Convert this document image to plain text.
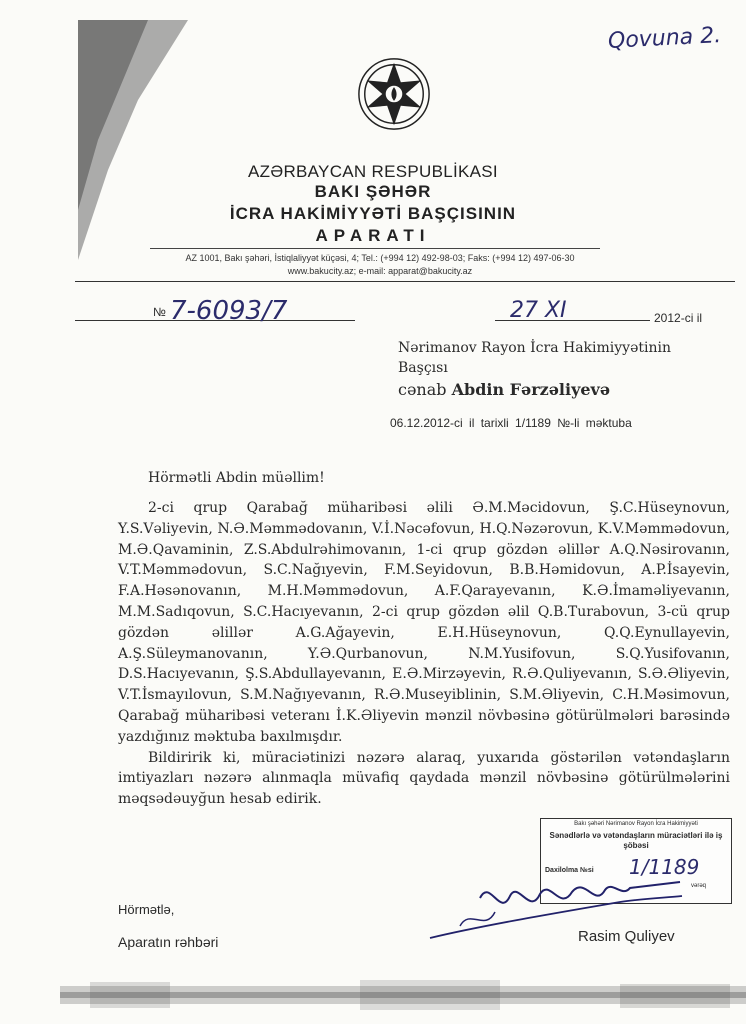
Qovuna 2.
AZƏRBAYCAN RESPUBLİKASI
BAKI ŞƏHƏR
İCRA HAKİMİYYƏTİ BAŞÇISININ
APARATI
AZ 1001, Bakı şəhəri, İstiqlaliyyət küçəsi, 4; Tel.: (+994 12) 492-98-03; Faks: (+994 12) 497-06-30
www.bakucity.az; e-mail: apparat@bakucity.az
№ 7-6093/7	27 XI	2012-ci il
Nərimanov Rayon İcra Hakimiyyətinin
Başçısı
cənab Abdin Fərzəliyevə
06.12.2012-ci il tarixli 1/1189 №-li məktuba
Hörmətli Abdin müəllim!

2-ci qrup Qarabağ müharibəsi əlili Ə.M.Məcidovun, Ş.C.Hüseynovun, Y.S.Vəliyevin, N.Ə.Məmmədovanın, V.İ.Nəcəfovun, H.Q.Nəzərovun, K.V.Məmmədovun, M.Ə.Qavaminin, Z.S.Abdulrəhimovanın, 1-ci qrup gözdən əlillər A.Q.Nəsirovanın, V.T.Məmmədovun, S.C.Nağıyevin, F.M.Seyidovun, B.B.Həmidovun, A.P.İsayevin, F.A.Həsənovanın, M.H.Məmmədovun, A.F.Qarayevanın, K.Ə.İmaməliyevanın, M.M.Sadıqovun, S.C.Hacıyevanın, 2-ci qrup gözdən əlil Q.B.Turabovun, 3-cü qrup gözdən əlillər A.G.Ağayevin, E.H.Hüseynovun, Q.Q.Eynullayevin, A.Ş.Süleymanovanın, Y.Ə.Qurbanovun, N.M.Yusifovun, S.Q.Yusifovanın, D.S.Hacıyevanın, Ş.S.Abdullayevanın, E.Ə.Mirzəyevin, R.Ə.Quliyevanın, S.Ə.Əliyevin, V.T.İsmayılovun, S.M.Nağıyevanın, R.Ə.Museyiblinin, S.M.Əliyevin, C.H.Məsimovun, Qarabağ müharibəsi veteranı İ.K.Əliyevin mənzil növbəsinə götürülmələri barəsində yazdığınız məktuba baxılmışdır.

Bildiririk ki, müraciətinizi nəzərə alaraq, yuxarıda göstərilən vətəndaşların imtiyazları nəzərə alınmaqla müvafiq qaydada mənzil növbəsinə götürülmələrini məqsədəuyğun hesab edirik.

Bakı şəhəri Nərimanov Rayon İcra Hakimiyyəti
Sənədlərlə və vətəndaşların müraciətləri ilə iş şöbəsi
Daxilolma №si 1/1189
vərəq
Hörmətlə,
Aparatın rəhbəri	Rasim Quliyev
